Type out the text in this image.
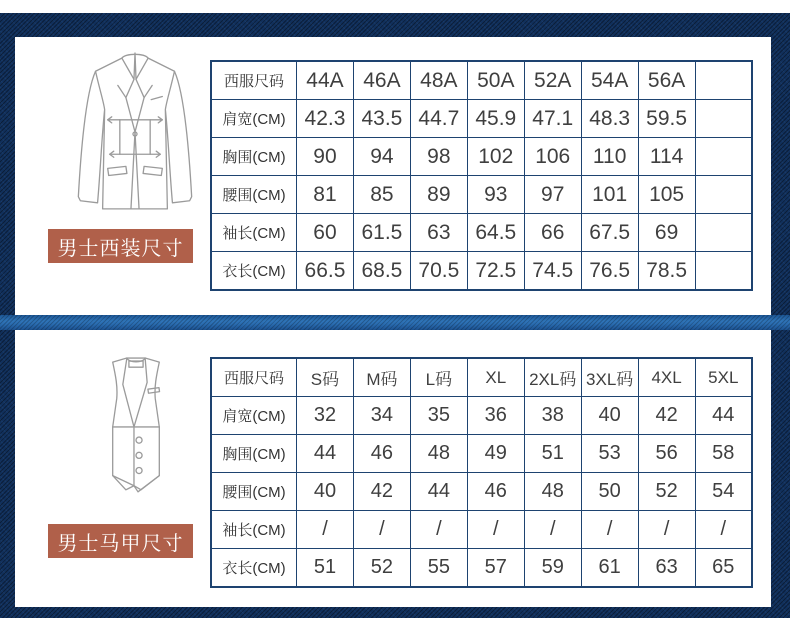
男士西装尺寸
西服尺码	44A	46A	48A	50A	52A	54A	56A	
肩宽(CM)	42.3	43.5	44.7	45.9	47.1	48.3	59.5	
胸围(CM)	90	94	98	102	106	110	114	
腰围(CM)	81	85	89	93	97	101	105	
袖长(CM)	60	61.5	63	64.5	66	67.5	69	
衣长(CM)	66.5	68.5	70.5	72.5	74.5	76.5	78.5	
男士马甲尺寸
西服尺码	S码	M码	L码	XL	2XL码	3XL码	4XL	5XL
肩宽(CM)	32	34	35	36	38	40	42	44
胸围(CM)	44	46	48	49	51	53	56	58
腰围(CM)	40	42	44	46	48	50	52	54
袖长(CM)	/	/	/	/	/	/	/	/
衣长(CM)	51	52	55	57	59	61	63	65
